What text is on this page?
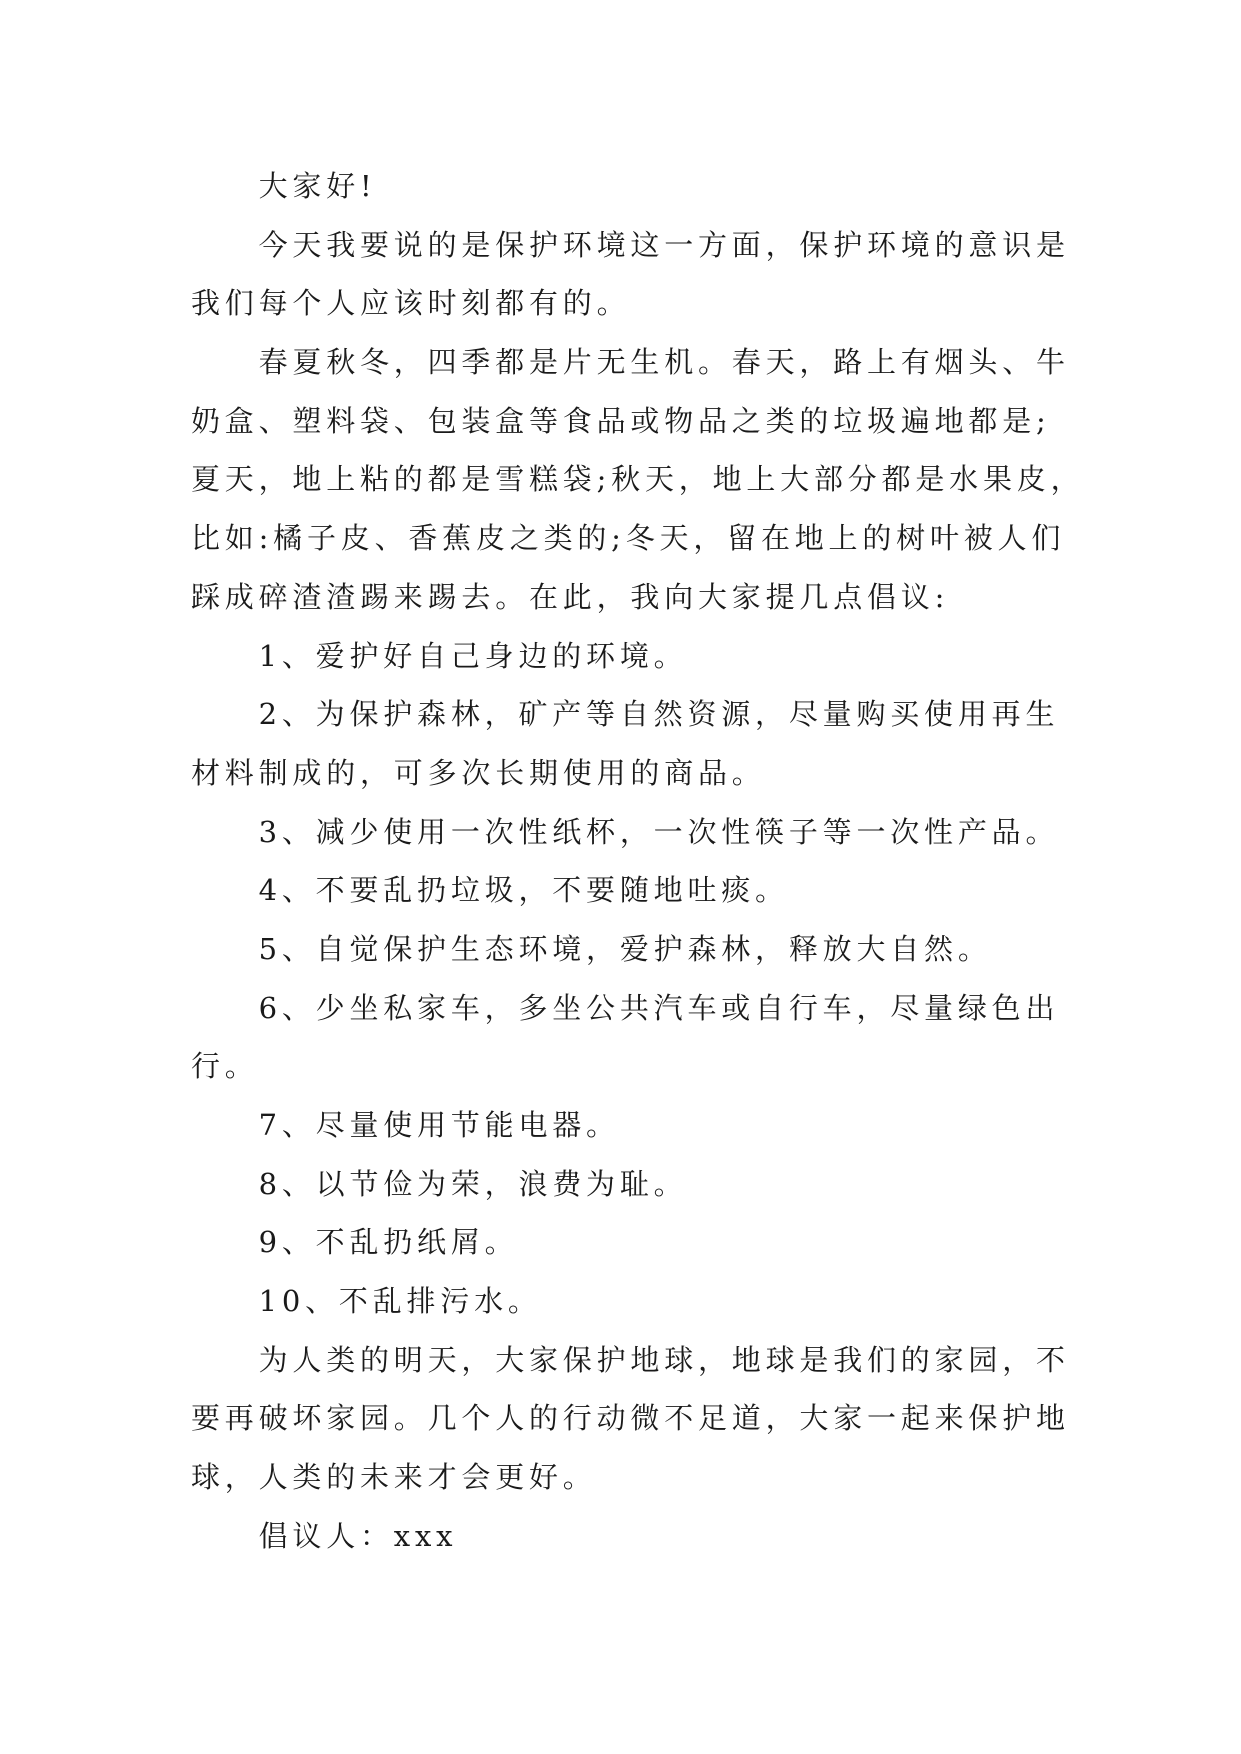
大家好!
今天我要说的是保护环境这一方面，保护环境的意识是
我们每个人应该时刻都有的。
春夏秋冬，四季都是片无生机。春天，路上有烟头、牛
奶盒、塑料袋、包装盒等食品或物品之类的垃圾遍地都是;
夏天，地上粘的都是雪糕袋;秋天，地上大部分都是水果皮，
比如:橘子皮、香蕉皮之类的;冬天，留在地上的树叶被人们
踩成碎渣渣踢来踢去。在此，我向大家提几点倡议:
1、爱护好自己身边的环境。
2、为保护森林，矿产等自然资源，尽量购买使用再生
材料制成的，可多次长期使用的商品。
3、减少使用一次性纸杯，一次性筷子等一次性产品。
4、不要乱扔垃圾，不要随地吐痰。
5、自觉保护生态环境，爱护森林，释放大自然。
6、少坐私家车，多坐公共汽车或自行车，尽量绿色出
行。
7、尽量使用节能电器。
8、以节俭为荣，浪费为耻。
9、不乱扔纸屑。
10、不乱排污水。
为人类的明天，大家保护地球，地球是我们的家园，不
要再破坏家园。几个人的行动微不足道，大家一起来保护地
球，人类的未来才会更好。
倡议人：xxx
